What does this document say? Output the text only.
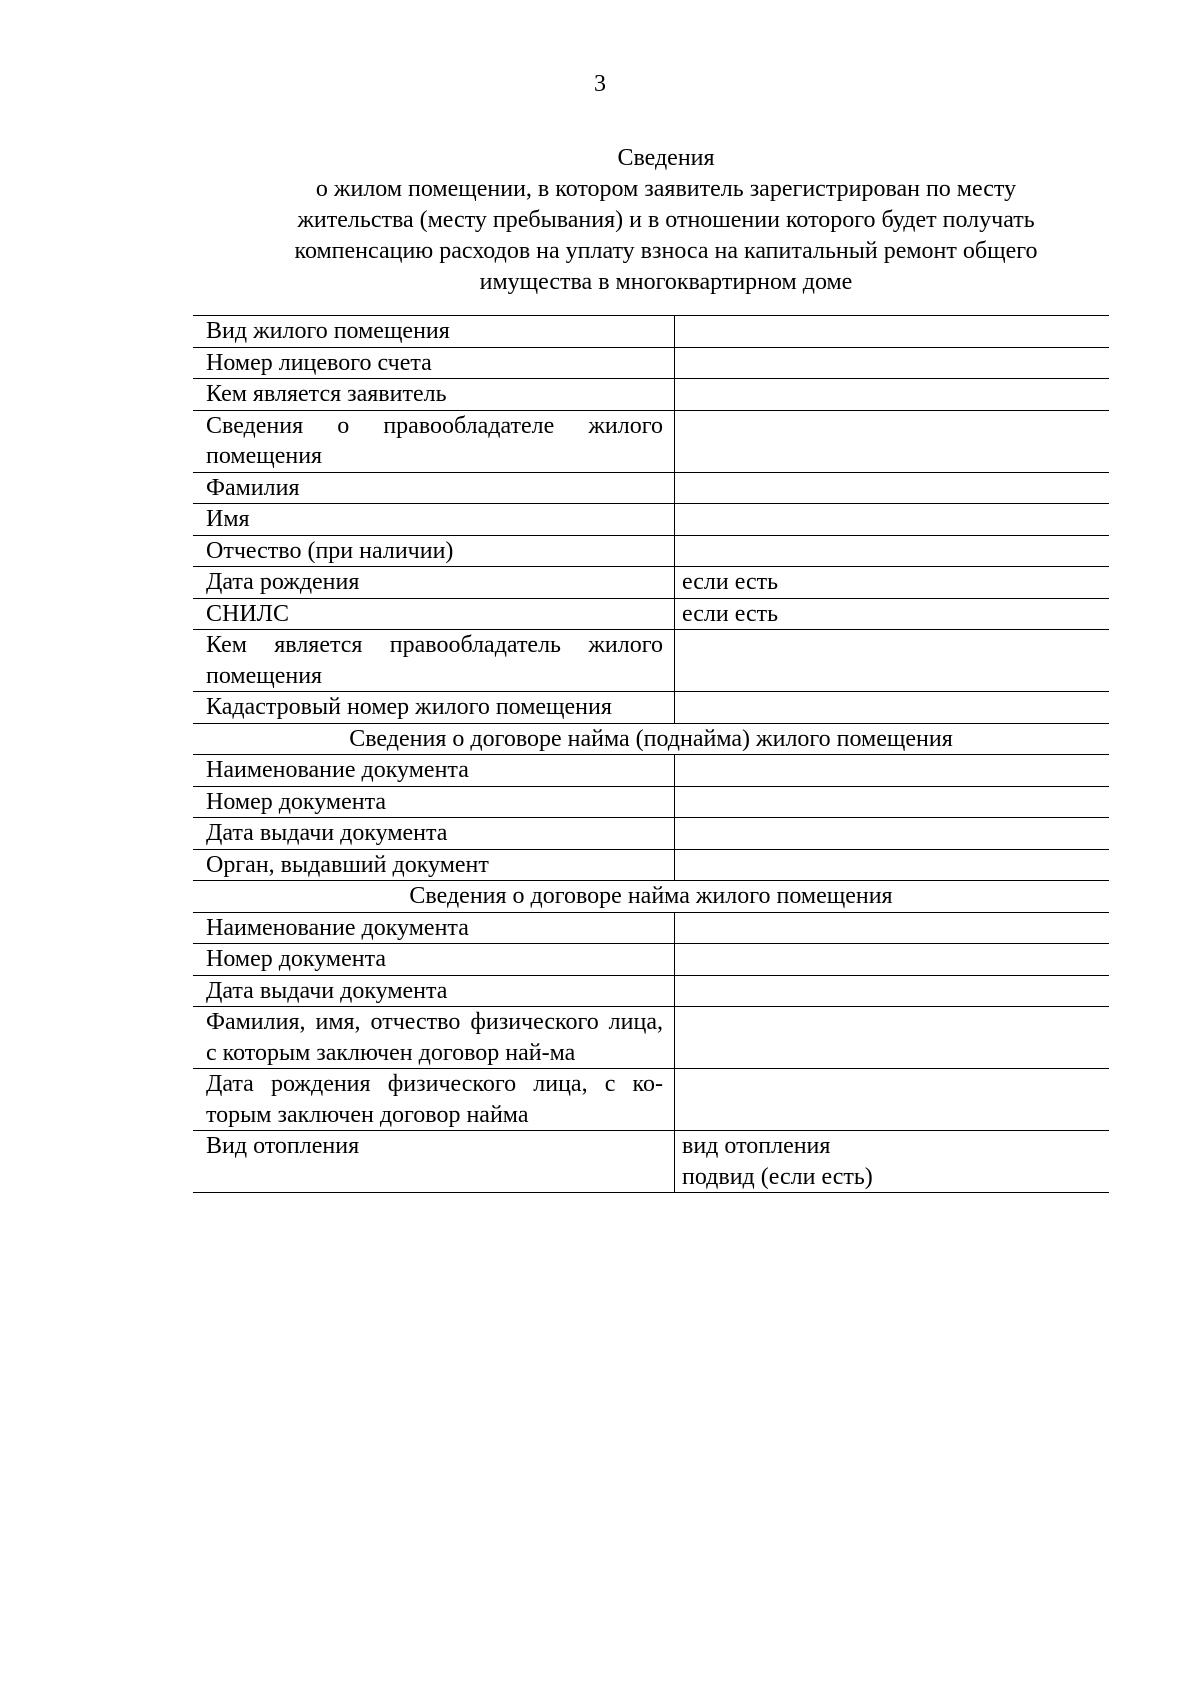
3
Сведения
о жилом помещении, в котором заявитель зарегистрирован по месту
жительства (месту пребывания) и в отношении которого будет получать
компенсацию расходов на уплату взноса на капитальный ремонт общего
имущества в многоквартирном доме
Вид жилого помещения	
Номер лицевого счета	
Кем является заявитель	
Сведения о правообладателе жилого помещения	
Фамилия	
Имя	
Отчество (при наличии)	
Дата рождения	если есть
СНИЛС	если есть
Кем является правообладатель жилого помещения	
Кадастровый номер жилого помещения	
Сведения о договоре найма (поднайма) жилого помещения	
Наименование документа	
Номер документа	
Дата выдачи документа	
Орган, выдавший документ	
Сведения о договоре найма жилого помещения	
Наименование документа	
Номер документа	
Дата выдачи документа	
Фамилия, имя, отчество физического лица, с которым заключен договор най-ма	
Дата рождения физического лица, с ко-торым заключен договор найма	
Вид отопления	вид отопления
подвид (если есть)
